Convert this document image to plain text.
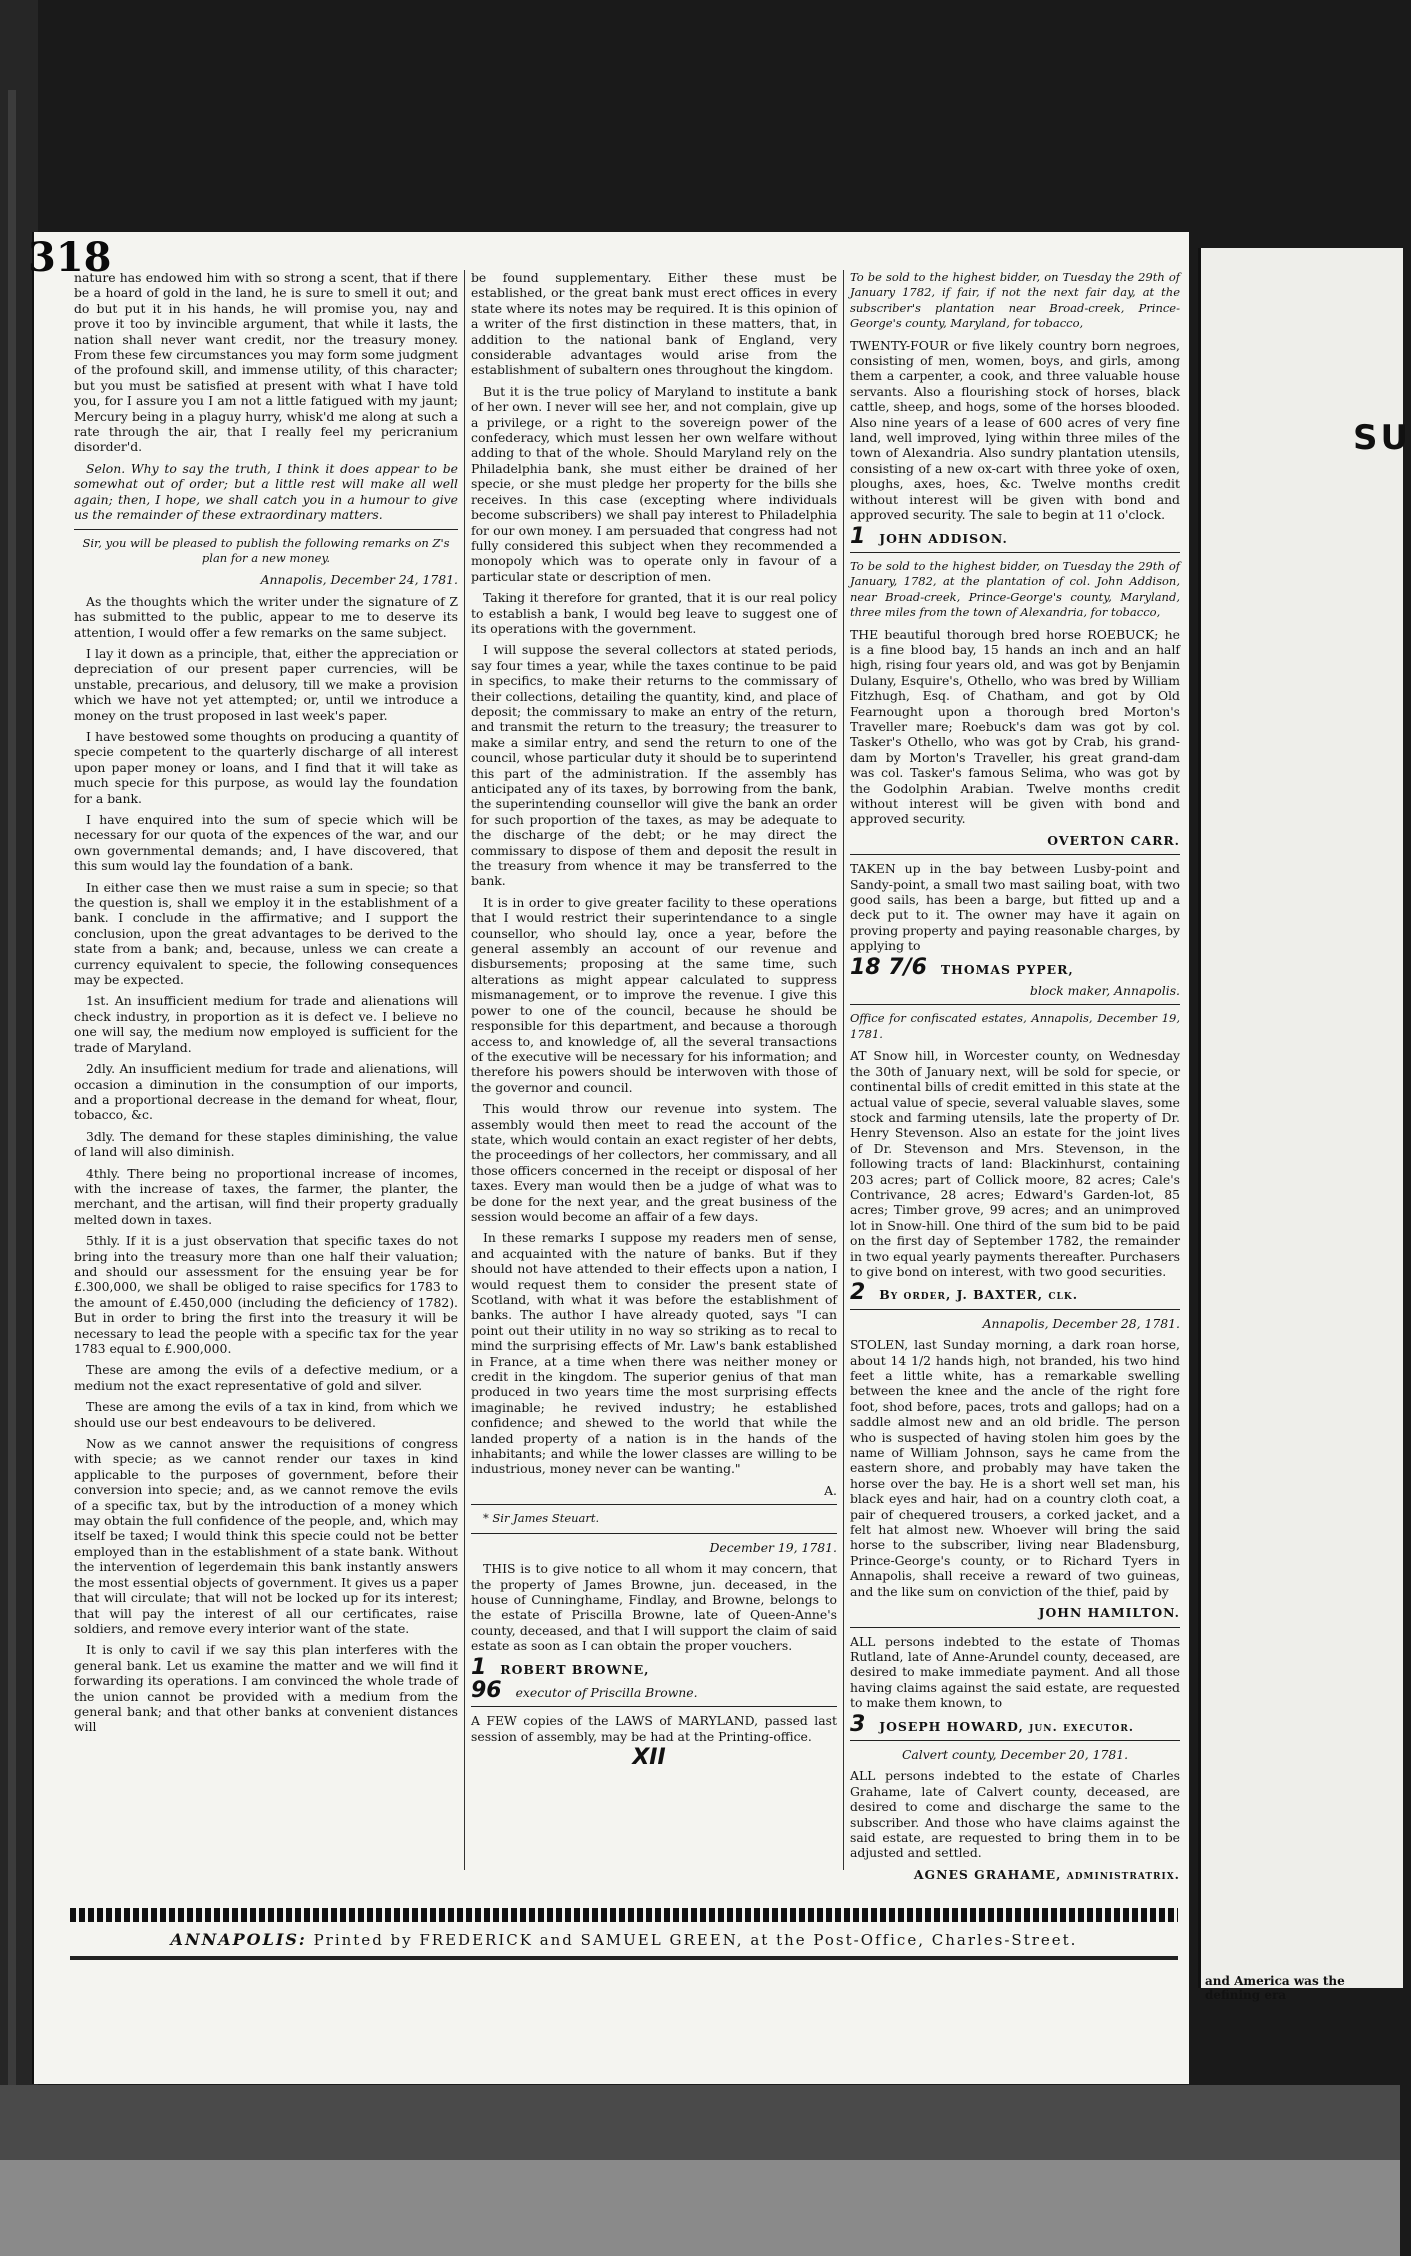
318

nature has endowed him with so strong a scent, that if there be a hoard of gold in the land, he is sure to smell it out; and do but put it in his hands, he will promise you, nay and prove it too by invincible argument, that while it lasts, the nation shall never want credit, nor the treasury money. From these few circumstances you may form some judgment of the profound skill, and immense utility, of this character; but you must be satisfied at present with what I have told you, for I assure you I am not a little fatigued with my jaunt; Mercury being in a plaguy hurry, whisk'd me along at such a rate through the air, that I really feel my pericranium disorder'd.

Selon. Why to say the truth, I think it does appear to be somewhat out of order; but a little rest will make all well again; then, I hope, we shall catch you in a humour to give us the remainder of these extraordinary matters.

Sir, you will be pleased to publish the following remarks on Z's plan for a new money.

Annapolis, December 24, 1781.

As the thoughts which the writer under the signature of Z has submitted to the public, appear to me to deserve its attention, I would offer a few remarks on the same subject.

I lay it down as a principle, that, either the appreciation or depreciation of our present paper currencies, will be unstable, precarious, and delusory, till we make a provision which we have not yet attempted; or, until we introduce a money on the trust proposed in last week's paper.

I have bestowed some thoughts on producing a quantity of specie competent to the quarterly discharge of all interest upon paper money or loans, and I find that it will take as much specie for this purpose, as would lay the foundation for a bank.

I have enquired into the sum of specie which will be necessary for our quota of the expences of the war, and our own governmental demands; and, I have discovered, that this sum would lay the foundation of a bank.

In either case then we must raise a sum in specie; so that the question is, shall we employ it in the establishment of a bank. I conclude in the affirmative; and I support the conclusion, upon the great advantages to be derived to the state from a bank; and, because, unless we can create a currency equivalent to specie, the following consequences may be expected.

1st. An insufficient medium for trade and alienations will check industry, in proportion as it is defect ve. I believe no one will say, the medium now employed is sufficient for the trade of Maryland.

2dly. An insufficient medium for trade and alienations, will occasion a diminution in the consumption of our imports, and a proportional decrease in the demand for wheat, flour, tobacco, &c.

3dly. The demand for these staples diminishing, the value of land will also diminish.

4thly. There being no proportional increase of incomes, with the increase of taxes, the farmer, the planter, the merchant, and the artisan, will find their property gradually melted down in taxes.

5thly. If it is a just observation that specific taxes do not bring into the treasury more than one half their valuation; and should our assessment for the ensuing year be for £.300,000, we shall be obliged to raise specifics for 1783 to the amount of £.450,000 (including the deficiency of 1782). But in order to bring the first into the treasury it will be necessary to lead the people with a specific tax for the year 1783 equal to £.900,000.

These are among the evils of a defective medium, or a medium not the exact representative of gold and silver.

These are among the evils of a tax in kind, from which we should use our best endeavours to be delivered.

Now as we cannot answer the requisitions of congress with specie; as we cannot render our taxes in kind applicable to the purposes of government, before their conversion into specie; and, as we cannot remove the evils of a specific tax, but by the introduction of a money which may obtain the full confidence of the people, and, which may itself be taxed; I would think this specie could not be better employed than in the establishment of a state bank. Without the intervention of legerdemain this bank instantly answers the most essential objects of government. It gives us a paper that will circulate; that will not be locked up for its interest; that will pay the interest of all our certificates, raise soldiers, and remove every interior want of the state.

It is only to cavil if we say this plan interferes with the general bank. Let us examine the matter and we will find it forwarding its operations. I am convinced the whole trade of the union cannot be provided with a medium from the general bank; and that other banks at convenient distances will

be found supplementary. Either these must be established, or the great bank must erect offices in every state where its notes may be required. It is this opinion of a writer of the first distinction in these matters, that, in addition to the national bank of England, very considerable advantages would arise from the establishment of subaltern ones throughout the kingdom.

But it is the true policy of Maryland to institute a bank of her own. I never will see her, and not complain, give up a privilege, or a right to the sovereign power of the confederacy, which must lessen her own welfare without adding to that of the whole. Should Maryland rely on the Philadelphia bank, she must either be drained of her specie, or she must pledge her property for the bills she receives. In this case (excepting where individuals become subscribers) we shall pay interest to Philadelphia for our own money. I am persuaded that congress had not fully considered this subject when they recommended a monopoly which was to operate only in favour of a particular state or description of men.

Taking it therefore for granted, that it is our real policy to establish a bank, I would beg leave to suggest one of its operations with the government.

I will suppose the several collectors at stated periods, say four times a year, while the taxes continue to be paid in specifics, to make their returns to the commissary of their collections, detailing the quantity, kind, and place of deposit; the commissary to make an entry of the return, and transmit the return to the treasury; the treasurer to make a similar entry, and send the return to one of the council, whose particular duty it should be to superintend this part of the administration. If the assembly has anticipated any of its taxes, by borrowing from the bank, the superintending counsellor will give the bank an order for such proportion of the taxes, as may be adequate to the discharge of the debt; or he may direct the commissary to dispose of them and deposit the result in the treasury from whence it may be transferred to the bank.

It is in order to give greater facility to these operations that I would restrict their superintendance to a single counsellor, who should lay, once a year, before the general assembly an account of our revenue and disbursements; proposing at the same time, such alterations as might appear calculated to suppress mismanagement, or to improve the revenue. I give this power to one of the council, because he should be responsible for this department, and because a thorough access to, and knowledge of, all the several transactions of the executive will be necessary for his information; and therefore his powers should be interwoven with those of the governor and council.

This would throw our revenue into system. The assembly would then meet to read the account of the state, which would contain an exact register of her debts, the proceedings of her collectors, her commissary, and all those officers concerned in the receipt or disposal of her taxes. Every man would then be a judge of what was to be done for the next year, and the great business of the session would become an affair of a few days.

In these remarks I suppose my readers men of sense, and acquainted with the nature of banks. But if they should not have attended to their effects upon a nation, I would request them to consider the present state of Scotland, with what it was before the establishment of banks. The author I have already quoted, says "I can point out their utility in no way so striking as to recal to mind the surprising effects of Mr. Law's bank established in France, at a time when there was neither money or credit in the kingdom. The superior genius of that man produced in two years time the most surprising effects imaginable; he revived industry; he established confidence; and shewed to the world that while the landed property of a nation is in the hands of the inhabitants; and while the lower classes are willing to be industrious, money never can be wanting."

A.

* Sir James Steuart.

December 19, 1781.

THIS is to give notice to all whom it may concern, that the property of James Browne, jun. deceased, in the house of Cunninghame, Findlay, and Browne, belongs to the estate of Priscilla Browne, late of Queen-Anne's county, deceased, and that I will support the claim of said estate as soon as I can obtain the proper vouchers.

1 ROBERT BROWNE,

96 executor of Priscilla Browne.

A FEW copies of the LAWS of MARYLAND, passed last session of assembly, may be had at the Printing-office.

XII

To be sold to the highest bidder, on Tuesday the 29th of January 1782, if fair, if not the next fair day, at the subscriber's plantation near Broad-creek, Prince-George's county, Maryland, for tobacco,

TWENTY-FOUR or five likely country born negroes, consisting of men, women, boys, and girls, among them a carpenter, a cook, and three valuable house servants. Also a flourishing stock of horses, black cattle, sheep, and hogs, some of the horses blooded. Also nine years of a lease of 600 acres of very fine land, well improved, lying within three miles of the town of Alexandria. Also sundry plantation utensils, consisting of a new ox-cart with three yoke of oxen, ploughs, axes, hoes, &c. Twelve months credit without interest will be given with bond and approved security. The sale to begin at 11 o'clock.

1 JOHN ADDISON.

To be sold to the highest bidder, on Tuesday the 29th of January, 1782, at the plantation of col. John Addison, near Broad-creek, Prince-George's county, Maryland, three miles from the town of Alexandria, for tobacco,

THE beautiful thorough bred horse ROEBUCK; he is a fine blood bay, 15 hands an inch and an half high, rising four years old, and was got by Benjamin Dulany, Esquire's, Othello, who was bred by William Fitzhugh, Esq. of Chatham, and got by Old Fearnought upon a thorough bred Morton's Traveller mare; Roebuck's dam was got by col. Tasker's Othello, who was got by Crab, his grand-dam by Morton's Traveller, his great grand-dam was col. Tasker's famous Selima, who was got by the Godolphin Arabian. Twelve months credit without interest will be given with bond and approved security.

OVERTON CARR.

TAKEN up in the bay between Lusby-point and Sandy-point, a small two mast sailing boat, with two good sails, has been a barge, but fitted up and a deck put to it. The owner may have it again on proving property and paying reasonable charges, by applying to

18 7/6 THOMAS PYPER,

block maker, Annapolis.

Office for confiscated estates, Annapolis, December 19, 1781.

AT Snow hill, in Worcester county, on Wednesday the 30th of January next, will be sold for specie, or continental bills of credit emitted in this state at the actual value of specie, several valuable slaves, some stock and farming utensils, late the property of Dr. Henry Stevenson. Also an estate for the joint lives of Dr. Stevenson and Mrs. Stevenson, in the following tracts of land: Blackinhurst, containing 203 acres; part of Collick moore, 82 acres; Cale's Contrivance, 28 acres; Edward's Garden-lot, 85 acres; Timber grove, 99 acres; and an unimproved lot in Snow-hill. One third of the sum bid to be paid on the first day of September 1782, the remainder in two equal yearly payments thereafter. Purchasers to give bond on interest, with two good securities.

2 By order, J. BAXTER, clk.

Annapolis, December 28, 1781.

STOLEN, last Sunday morning, a dark roan horse, about 14 1/2 hands high, not branded, his two hind feet a little white, has a remarkable swelling between the knee and the ancle of the right fore foot, shod before, paces, trots and gallops; had on a saddle almost new and an old bridle. The person who is suspected of having stolen him goes by the name of William Johnson, says he came from the eastern shore, and probably may have taken the horse over the bay. He is a short well set man, his black eyes and hair, had on a country cloth coat, a pair of chequered trousers, a corked jacket, and a felt hat almost new. Whoever will bring the said horse to the subscriber, living near Bladensburg, Prince-George's county, or to Richard Tyers in Annapolis, shall receive a reward of two guineas, and the like sum on conviction of the thief, paid by

JOHN HAMILTON.

ALL persons indebted to the estate of Thomas Rutland, late of Anne-Arundel county, deceased, are desired to make immediate payment. And all those having claims against the said estate, are requested to make them known, to

3 JOSEPH HOWARD, jun. executor.

Calvert county, December 20, 1781.

ALL persons indebted to the estate of Charles Grahame, late of Calvert county, deceased, are desired to come and discharge the same to the subscriber. And those who have claims against the said estate, are requested to bring them in to be adjusted and settled.

AGNES GRAHAME, administratrix.

ANNAPOLIS: Printed by FREDERICK and SAMUEL GREEN, at the Post-Office, Charles-Street.
SU
and America was the defining era
